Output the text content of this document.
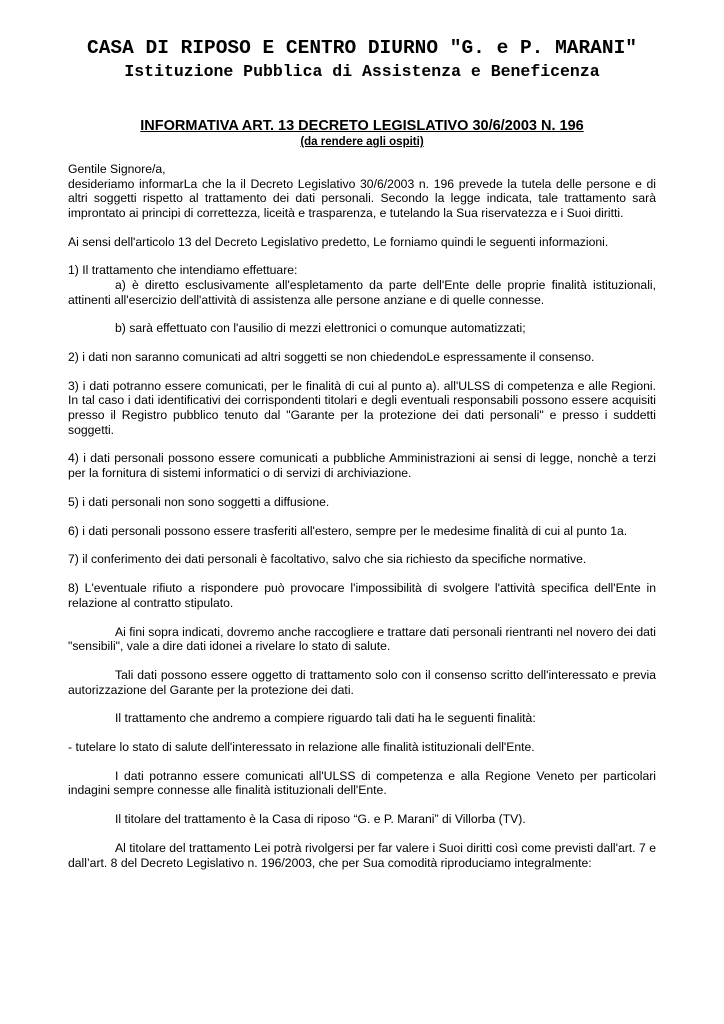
CASA DI RIPOSO E CENTRO DIURNO "G. e P. MARANI"
Istituzione Pubblica di Assistenza e Beneficenza
INFORMATIVA ART. 13 DECRETO LEGISLATIVO 30/6/2003 N. 196
(da rendere agli ospiti)

Gentile Signore/a,

desideriamo informarLa che la il Decreto Legislativo 30/6/2003 n. 196 prevede la tutela delle persone e di altri soggetti rispetto al trattamento dei dati personali. Secondo la legge indicata, tale trattamento sarà improntato ai principi di correttezza, liceità e trasparenza, e tutelando la Sua riservatezza e i Suoi diritti.

Ai sensi dell'articolo 13 del Decreto Legislativo predetto, Le forniamo quindi le seguenti informazioni.

1) Il trattamento che intendiamo effettuare:

a) è diretto esclusivamente all'espletamento da parte dell'Ente delle proprie finalità istituzionali, attinenti all'esercizio dell'attività di assistenza alle persone anziane e di quelle connesse.

b) sarà effettuato con l'ausilio di mezzi elettronici o comunque automatizzati;

2) i dati non saranno comunicati ad altri soggetti se non chiedendoLe espressamente il consenso.

3) i dati potranno essere comunicati, per le finalità di cui al punto a). all'ULSS di competenza e alle Regioni. In tal caso i dati identificativi dei corrispondenti titolari e degli eventuali responsabili possono essere acquisiti presso il Registro pubblico tenuto dal "Garante per la protezione dei dati personali" e presso i suddetti soggetti.

4) i dati personali possono essere comunicati a pubbliche Amministrazioni ai sensi di legge, nonchè a terzi per la fornitura di sistemi informatici o di servizi di archiviazione.

5) i dati personali non sono soggetti a diffusione.

6) i dati personali possono essere trasferiti all'estero, sempre per le medesime finalità di cui al punto 1a.

7) il conferimento dei dati personali è facoltativo, salvo che sia richiesto da specifiche normative.

8) L'eventuale rifiuto a rispondere può provocare l'impossibilità di svolgere l'attività specifica dell'Ente in relazione al contratto stipulato.

Ai fini sopra indicati, dovremo anche raccogliere e trattare dati personali rientranti nel novero dei dati "sensibili", vale a dire dati idonei a rivelare lo stato di salute.

Tali dati possono essere oggetto di trattamento solo con il consenso scritto dell'interessato e previa autorizzazione del Garante per la protezione dei dati.

Il trattamento che andremo a compiere riguardo tali dati ha le seguenti finalità:

- tutelare lo stato di salute dell'interessato in relazione alle finalità istituzionali dell'Ente.

I dati potranno essere comunicati all'ULSS di competenza e alla Regione Veneto per particolari indagini sempre connesse alle finalità istituzionali dell'Ente.

Il titolare del trattamento è la Casa di riposo “G. e P. Marani” di Villorba (TV).

Al titolare del trattamento Lei potrà rivolgersi per far valere i Suoi diritti così come previsti dall'art. 7 e dall’art. 8 del Decreto Legislativo n. 196/2003, che per Sua comodità riproduciamo integralmente:
